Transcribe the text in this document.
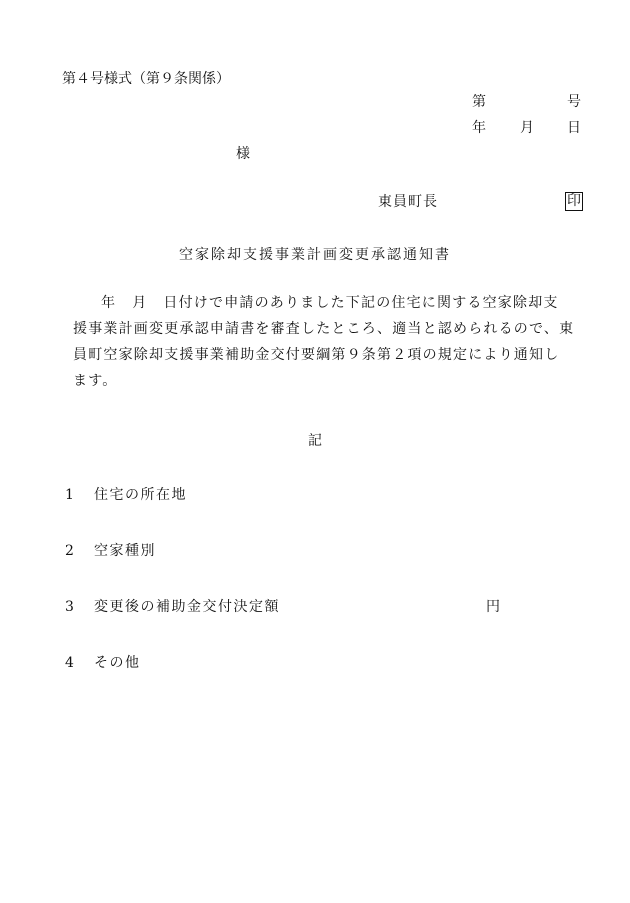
第４号様式（第９条関係）
第	号
年 月 日
様
東員町長	印
空家除却支援事業計画変更承認通知書
年 月 日付けで申請のありました下記の住宅に関する空家除却支
援事業計画変更承認申請書を審査したところ、適当と認められるので、東
員町空家除却支援事業補助金交付要綱第９条第２項の規定により通知し
ます。
記
1 住宅の所在地
2 空家種別
3 変更後の補助金交付決定額	円
4 その他
